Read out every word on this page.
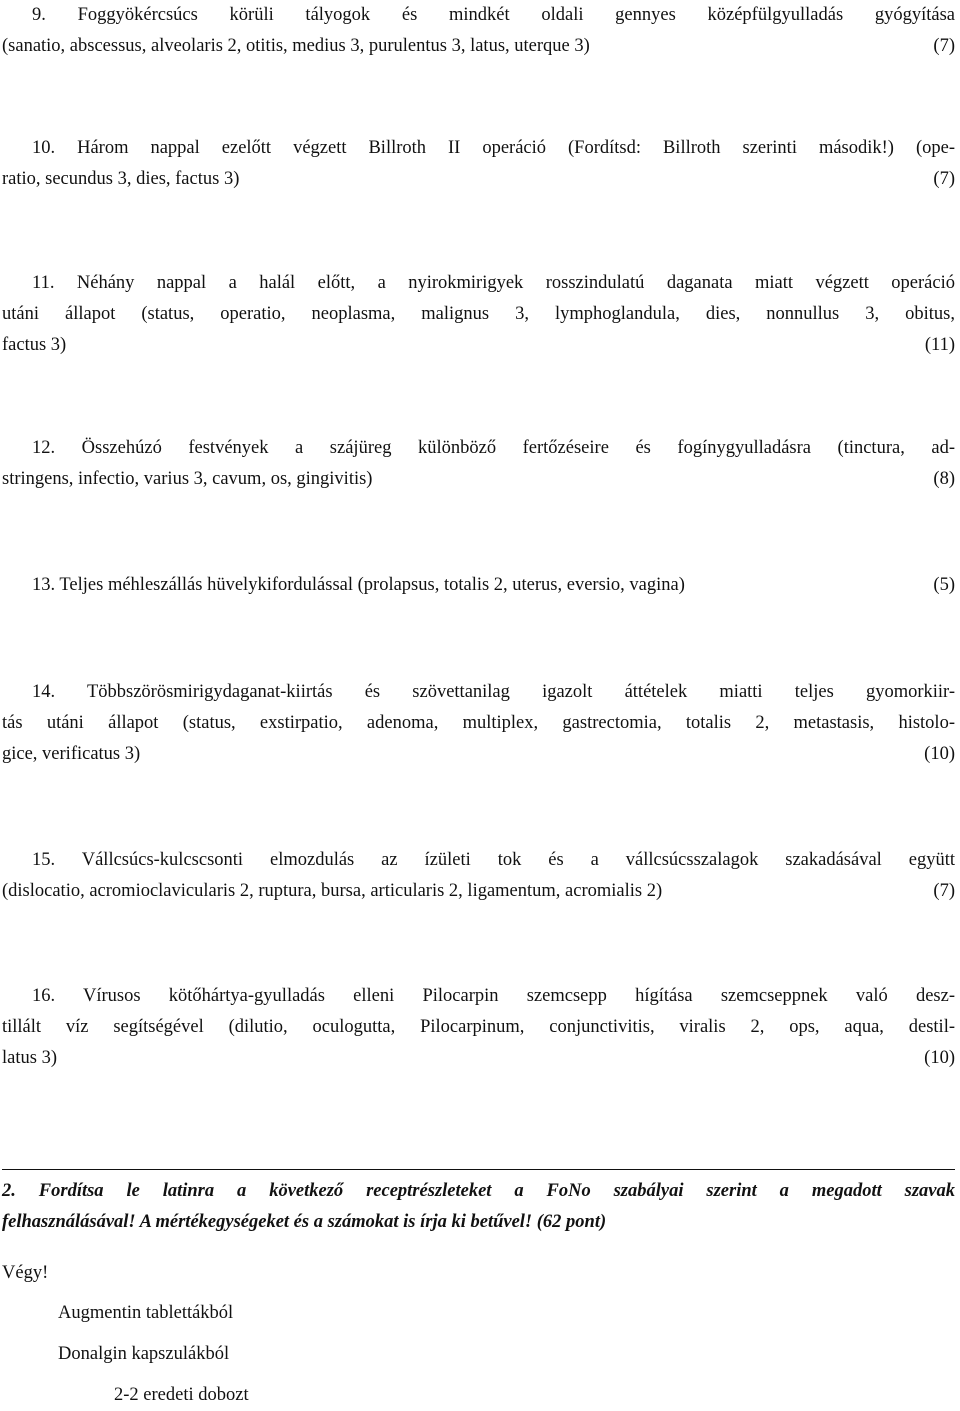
9. Foggyökércsúcs körüli tályogok és mindkét oldali gennyes középfülgyulladás gyógyítása
(sanatio, abscessus, alveolaris 2, otitis, medius 3, purulentus 3, latus, uterque 3)	(7)
10. Három nappal ezelőtt végzett Billroth II operáció (Fordítsd: Billroth szerinti második!) (ope-
ratio, secundus 3, dies, factus 3)	(7)
11. Néhány nappal a halál előtt, a nyirokmirigyek rosszindulatú daganata miatt végzett operáció
utáni állapot (status, operatio, neoplasma, malignus 3, lymphoglandula, dies, nonnullus 3, obitus,
factus 3)	(11)
12. Összehúzó festvények a szájüreg különböző fertőzéseire és fogínygyulladásra (tinctura, ad-
stringens, infectio, varius 3, cavum, os, gingivitis)	(8)
13. Teljes méhleszállás hüvelykifordulással (prolapsus, totalis 2, uterus, eversio, vagina)	(5)
14. Többszörösmirigydaganat-kiirtás és szövettanilag igazolt áttételek miatti teljes gyomorkiir-
tás utáni állapot (status, exstirpatio, adenoma, multiplex, gastrectomia, totalis 2, metastasis, histolo-
gice, verificatus 3)	(10)
15. Vállcsúcs-kulcscsonti elmozdulás az ízületi tok és a vállcsúcsszalagok szakadásával együtt
(dislocatio, acromioclavicularis 2, ruptura, bursa, articularis 2, ligamentum, acromialis 2)	(7)
16. Vírusos kötőhártya-gyulladás elleni Pilocarpin szemcsepp hígítása szemcseppnek való desz-
tillált víz segítségével (dilutio, oculogutta, Pilocarpinum, conjunctivitis, viralis 2, ops, aqua, destil-
latus 3)	(10)
2. Fordítsa le latinra a következő receptrészleteket a FoNo szabályai szerint a megadott szavak
felhasználásával! A mértékegységeket és a számokat is írja ki betűvel! (62 pont)
Végy!
Augmentin tablettákból
Donalgin kapszulákból
2-2 eredeti dobozt
